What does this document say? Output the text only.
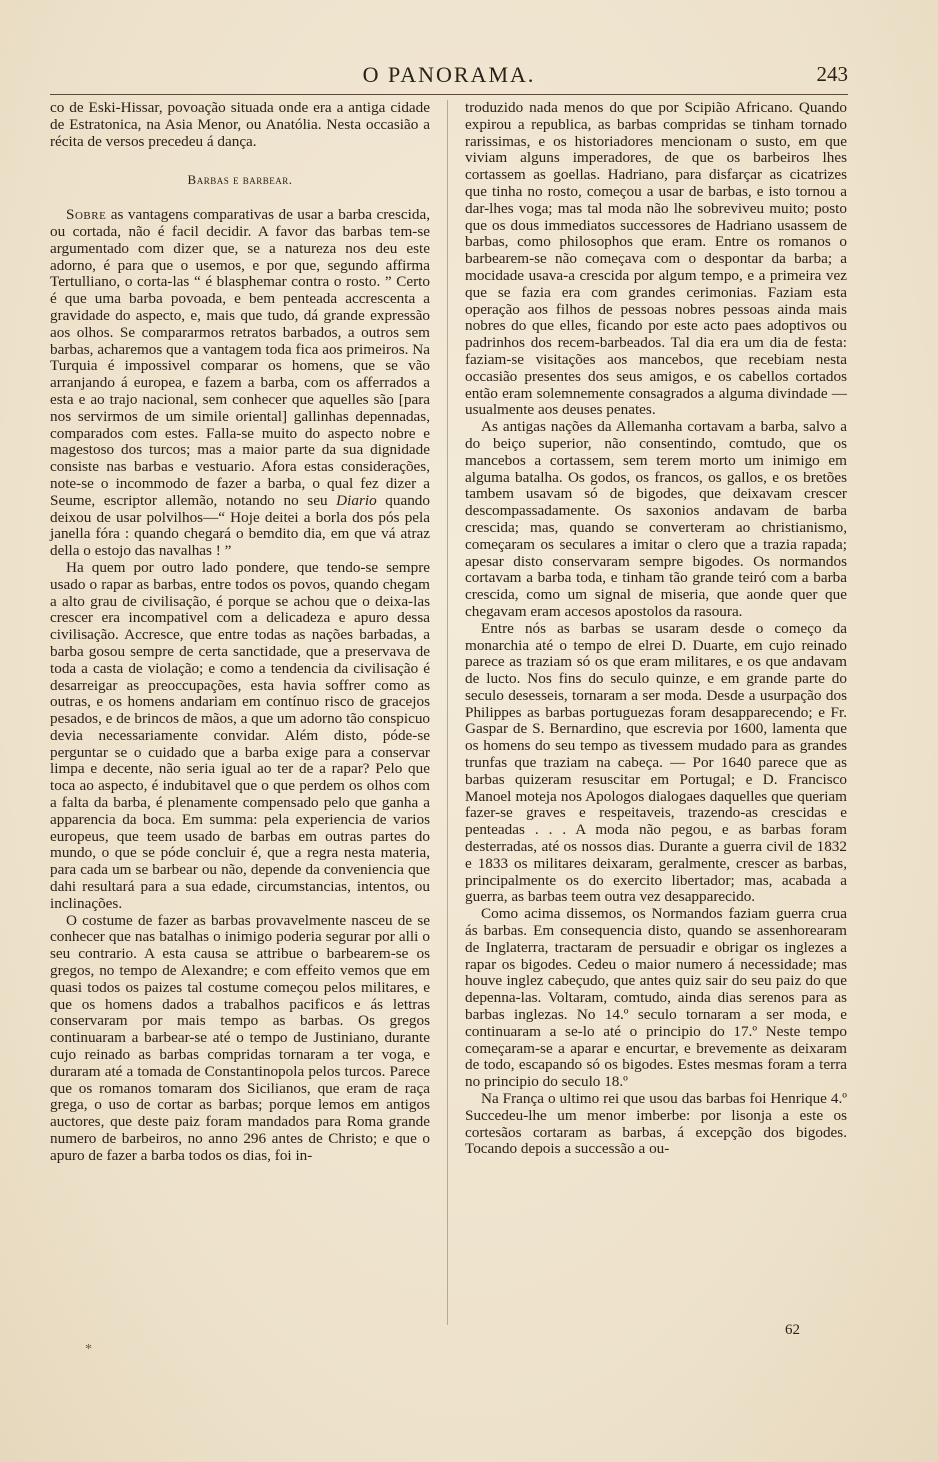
O PANORAMA.	243

co de Eski-Hissar, povoação situada onde era a antiga cidade de Estratonica, na Asia Menor, ou Anatólia. Nesta occasião a récita de versos precedeu á dança.

Barbas e barbear.

Sobre as vantagens comparativas de usar a barba crescida, ou cortada, não é facil decidir. A favor das barbas tem-se argumentado com dizer que, se a natureza nos deu este adorno, é para que o usemos, e por que, segundo affirma Tertulliano, o corta-las “ é blasphemar contra o rosto. ” Certo é que uma barba povoada, e bem penteada accrescenta a gravidade do aspecto, e, mais que tudo, dá grande expressão aos olhos. Se compararmos retratos barbados, a outros sem barbas, acharemos que a vantagem toda fica aos primeiros. Na Turquia é impossivel comparar os homens, que se vão arranjando á europea, e fazem a barba, com os afferrados a esta e ao trajo nacional, sem conhecer que aquelles são [para nos servirmos de um simile oriental] gallinhas depennadas, comparados com estes. Falla-se muito do aspecto nobre e magestoso dos turcos; mas a maior parte da sua dignidade consiste nas barbas e vestuario. Afora estas considerações, note-se o incommodo de fazer a barba, o qual fez dizer a Seume, escriptor allemão, notando no seu Diario quando deixou de usar polvilhos—“ Hoje deitei a borla dos pós pela janella fóra : quando chegará o bemdito dia, em que vá atraz della o estojo das navalhas ! ”

Ha quem por outro lado pondere, que tendo-se sempre usado o rapar as barbas, entre todos os povos, quando chegam a alto grau de civilisação, é porque se achou que o deixa-las crescer era incompativel com a delicadeza e apuro dessa civilisação. Accresce, que entre todas as nações barbadas, a barba gosou sempre de certa sanctidade, que a preservava de toda a casta de violação; e como a tendencia da civilisação é desarreigar as preoccupações, esta havia soffrer como as outras, e os homens andariam em contínuo risco de gracejos pesados, e de brincos de mãos, a que um adorno tão conspicuo devia necessariamente convidar. Além disto, póde-se perguntar se o cuidado que a barba exige para a conservar limpa e decente, não seria igual ao ter de a rapar? Pelo que toca ao aspecto, é indubitavel que o que perdem os olhos com a falta da barba, é plenamente compensado pelo que ganha a apparencia da boca. Em summa: pela experiencia de varios europeus, que teem usado de barbas em outras partes do mundo, o que se póde concluir é, que a regra nesta materia, para cada um se barbear ou não, depende da conveniencia que dahi resultará para a sua edade, circumstancias, intentos, ou inclinações.

O costume de fazer as barbas provavelmente nasceu de se conhecer que nas batalhas o inimigo poderia segurar por alli o seu contrario. A esta causa se attribue o barbearem-se os gregos, no tempo de Alexandre; e com effeito vemos que em quasi todos os paizes tal costume começou pelos militares, e que os homens dados a trabalhos pacificos e ás lettras conservaram por mais tempo as barbas. Os gregos continuaram a barbear-se até o tempo de Justiniano, durante cujo reinado as barbas compridas tornaram a ter voga, e duraram até a tomada de Constantinopola pelos turcos. Parece que os romanos tomaram dos Sicilianos, que eram de raça grega, o uso de cortar as barbas; porque lemos em antigos auctores, que deste paiz foram mandados para Roma grande numero de barbeiros, no anno 296 antes de Christo; e que o apuro de fazer a barba todos os dias, foi in-

troduzido nada menos do que por Scipião Africano. Quando expirou a republica, as barbas compridas se tinham tornado rarissimas, e os historiadores mencionam o susto, em que viviam alguns imperadores, de que os barbeiros lhes cortassem as goellas. Hadriano, para disfarçar as cicatrizes que tinha no rosto, começou a usar de barbas, e isto tornou a dar-lhes voga; mas tal moda não lhe sobreviveu muito; posto que os dous immediatos successores de Hadriano usassem de barbas, como philosophos que eram. Entre os romanos o barbearem-se não começava com o despontar da barba; a mocidade usava-a crescida por algum tempo, e a primeira vez que se fazia era com grandes cerimonias. Faziam esta operação aos filhos de pessoas nobres pessoas ainda mais nobres do que elles, ficando por este acto paes adoptivos ou padrinhos dos recem-barbeados. Tal dia era um dia de festa: faziam-se visitações aos mancebos, que recebiam nesta occasião presentes dos seus amigos, e os cabellos cortados então eram solemnemente consagrados a alguma divindade — usualmente aos deuses penates.

As antigas nações da Allemanha cortavam a barba, salvo a do beiço superior, não consentindo, comtudo, que os mancebos a cortassem, sem terem morto um inimigo em alguma batalha. Os godos, os francos, os gallos, e os bretões tambem usavam só de bigodes, que deixavam crescer descompassadamente. Os saxonios andavam de barba crescida; mas, quando se converteram ao christianismo, começaram os seculares a imitar o clero que a trazia rapada; apesar disto conservaram sempre bigodes. Os normandos cortavam a barba toda, e tinham tão grande teiró com a barba crescida, como um signal de miseria, que aonde quer que chegavam eram accesos apostolos da rasoura.

Entre nós as barbas se usaram desde o começo da monarchia até o tempo de elrei D. Duarte, em cujo reinado parece as traziam só os que eram militares, e os que andavam de lucto. Nos fins do seculo quinze, e em grande parte do seculo desesseis, tornaram a ser moda. Desde a usurpação dos Philippes as barbas portuguezas foram desapparecendo; e Fr. Gaspar de S. Bernardino, que escrevia por 1600, lamenta que os homens do seu tempo as tivessem mudado para as grandes trunfas que traziam na cabeça. — Por 1640 parece que as barbas quizeram resuscitar em Portugal; e D. Francisco Manoel moteja nos Apologos dialogaes daquelles que queriam fazer-se graves e respeitaveis, trazendo-as crescidas e penteadas . . . A moda não pegou, e as barbas foram desterradas, até os nossos dias. Durante a guerra civil de 1832 e 1833 os militares deixaram, geralmente, crescer as barbas, principalmente os do exercito libertador; mas, acabada a guerra, as barbas teem outra vez desapparecido.

Como acima dissemos, os Normandos faziam guerra crua ás barbas. Em consequencia disto, quando se assenhorearam de Inglaterra, tractaram de persuadir e obrigar os inglezes a rapar os bigodes. Cedeu o maior numero á necessidade; mas houve inglez cabeçudo, que antes quiz sair do seu paiz do que depenna-las. Voltaram, comtudo, ainda dias serenos para as barbas inglezas. No 14.º seculo tornaram a ser moda, e continuaram a se-lo até o principio do 17.º Neste tempo começaram-se a aparar e encurtar, e brevemente as deixaram de todo, escapando só os bigodes. Estes mesmas foram a terra no principio do seculo 18.º

Na França o ultimo rei que usou das barbas foi Henrique 4.º Succedeu-lhe um menor imberbe: por lisonja a este os cortesãos cortaram as barbas, á excepção dos bigodes. Tocando depois a successão a ou-

62
*
